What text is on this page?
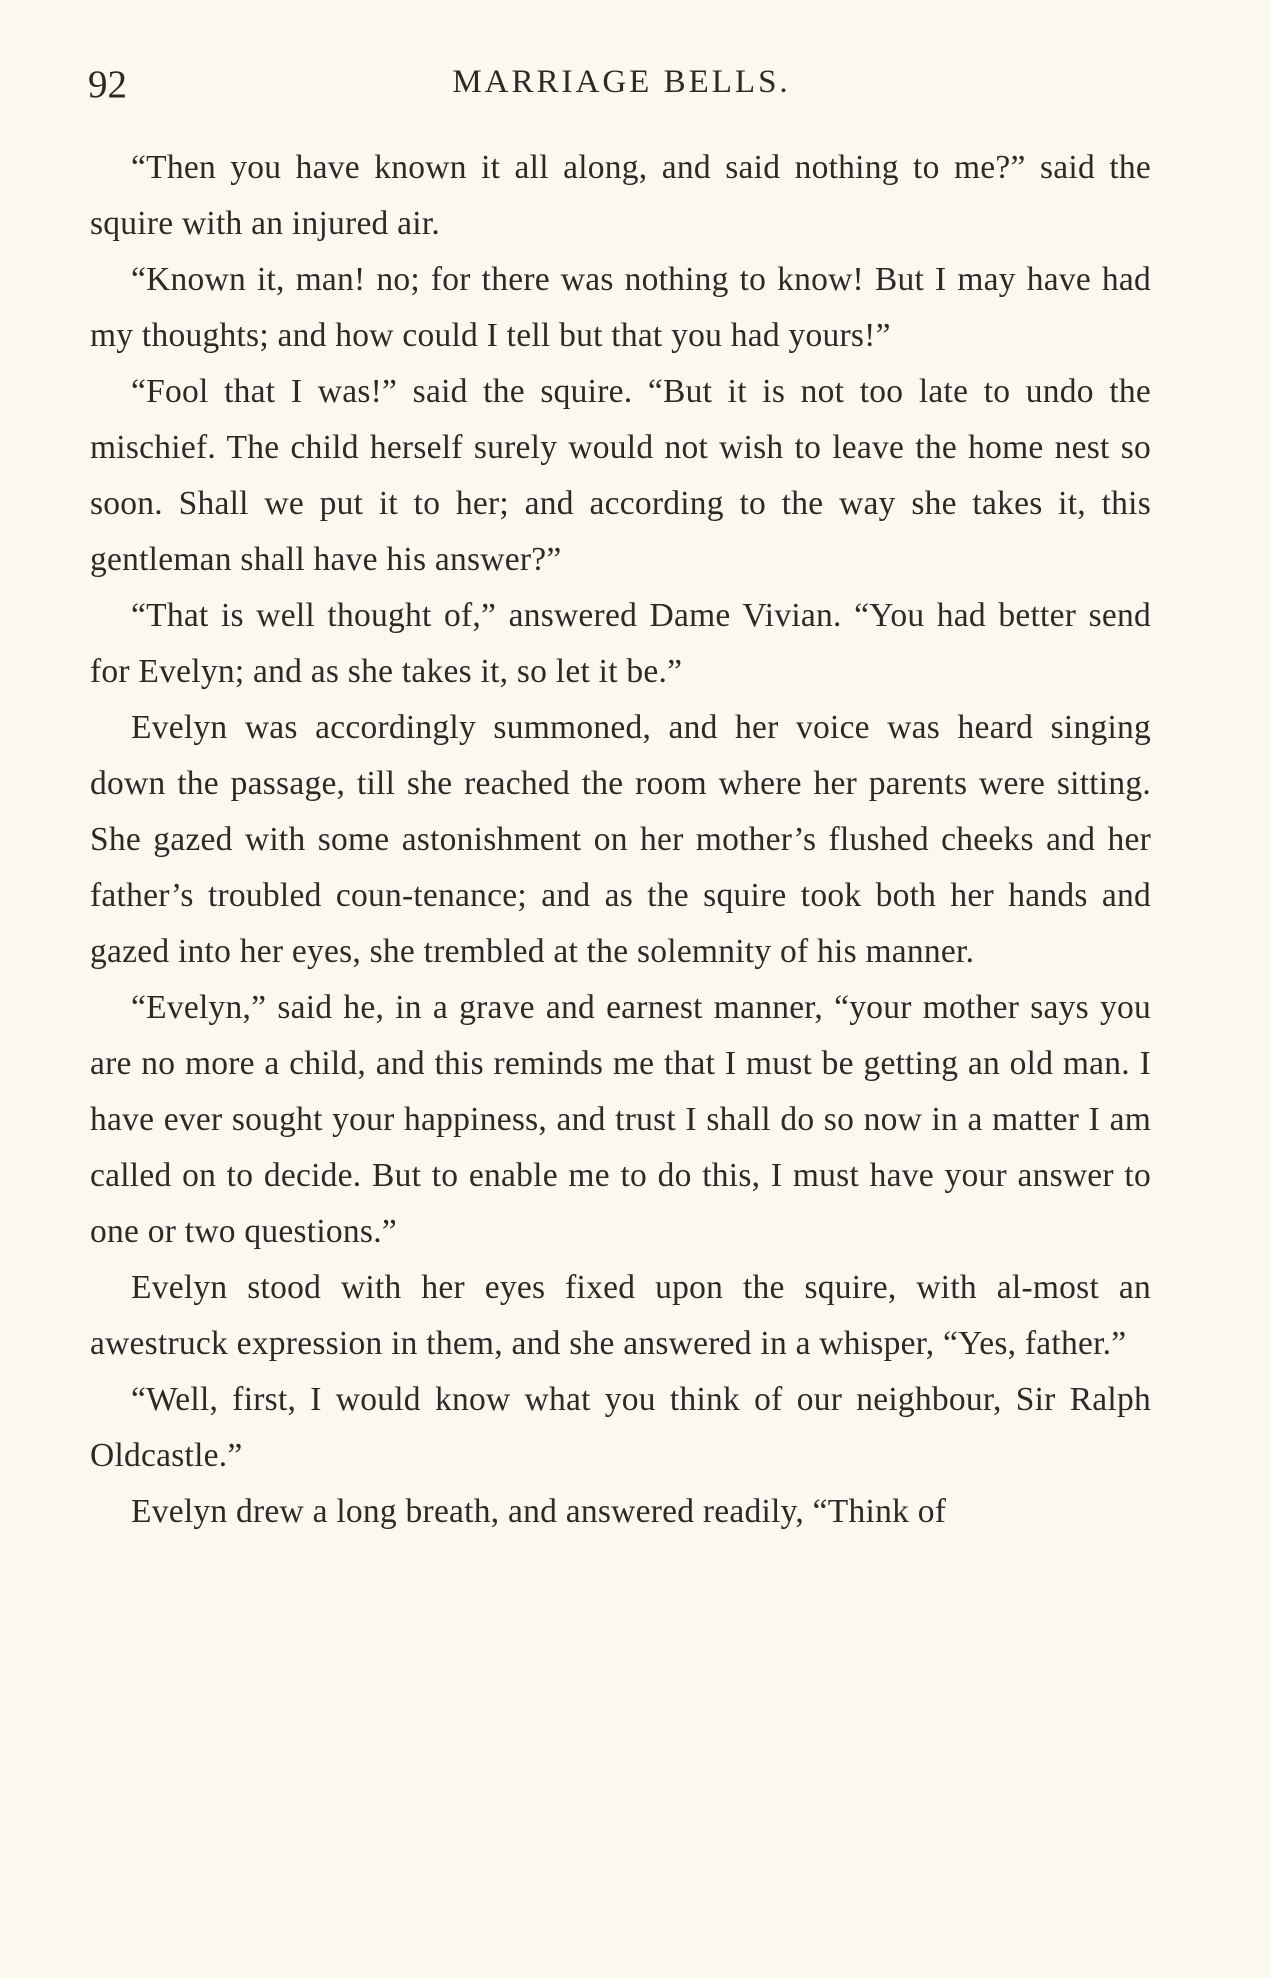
92	MARRIAGE BELLS.

“Then you have known it all along, and said nothing to me?” said the squire with an injured air.

“Known it, man! no; for there was nothing to know! But I may have had my thoughts; and how could I tell but that you had yours!”

“Fool that I was!” said the squire. “But it is not too late to undo the mischief. The child herself surely would not wish to leave the home nest so soon. Shall we put it to her; and according to the way she takes it, this gentleman shall have his answer?”

“That is well thought of,” answered Dame Vivian. “You had better send for Evelyn; and as she takes it, so let it be.”

Evelyn was accordingly summoned, and her voice was heard singing down the passage, till she reached the room where her parents were sitting. She gazed with some astonishment on her mother’s flushed cheeks and her father’s troubled coun-tenance; and as the squire took both her hands and gazed into her eyes, she trembled at the solemnity of his manner.

“Evelyn,” said he, in a grave and earnest manner, “your mother says you are no more a child, and this reminds me that I must be getting an old man. I have ever sought your happiness, and trust I shall do so now in a matter I am called on to decide. But to enable me to do this, I must have your answer to one or two questions.”

Evelyn stood with her eyes fixed upon the squire, with al-most an awestruck expression in them, and she answered in a whisper, “Yes, father.”

“Well, first, I would know what you think of our neighbour, Sir Ralph Oldcastle.”

Evelyn drew a long breath, and answered readily, “Think of
